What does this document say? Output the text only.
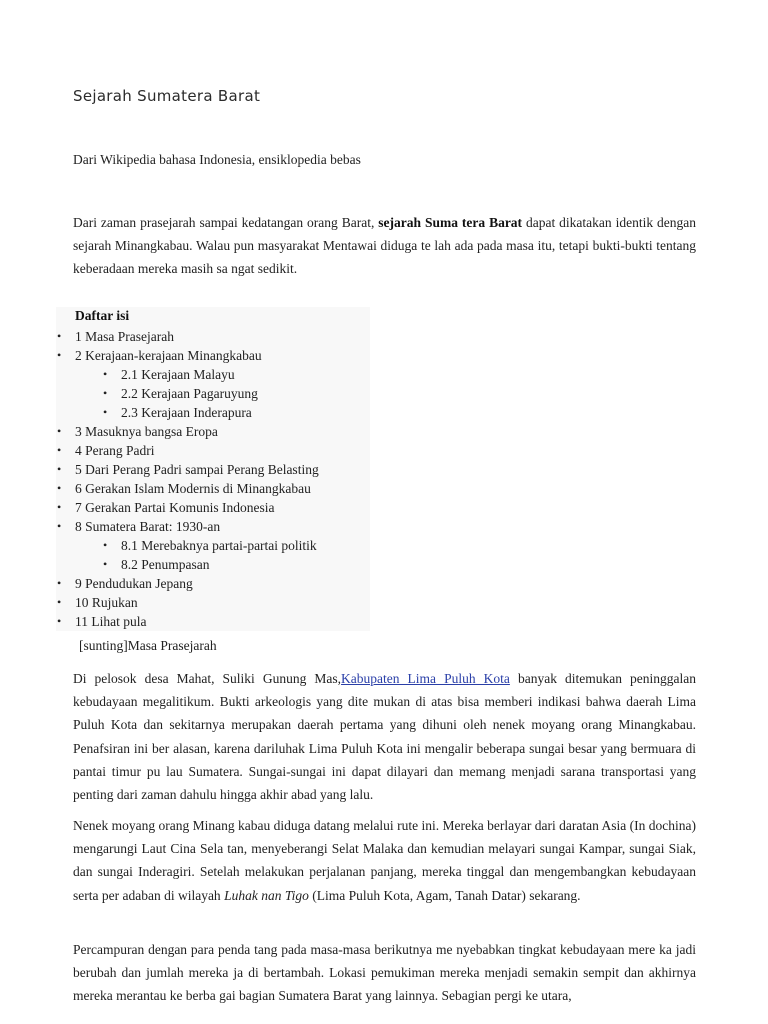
Sejarah Sumatera Barat

Dari Wikipedia bahasa Indonesia, ensiklopedia bebas

Dari zaman prasejarah sampai kedatangan orang Barat, sejarah Suma tera Barat dapat dikatakan identik dengan sejarah Minangkabau. Walau pun masyarakat Mentawai diduga te lah ada pada masa itu, tetapi bukti-bukti tentang keberadaan mereka masih sa ngat sedikit.

Daftar isi
• 1 Masa Prasejarah
• 2 Kerajaan-kerajaan Minangkabau
• 2.1 Kerajaan Malayu
• 2.2 Kerajaan Pagaruyung
• 2.3 Kerajaan Inderapura
• 3 Masuknya bangsa Eropa
• 4 Perang Padri
• 5 Dari Perang Padri sampai Perang Belasting
• 6 Gerakan Islam Modernis di Minangkabau
• 7 Gerakan Partai Komunis Indonesia
• 8 Sumatera Barat: 1930-an
• 8.1 Merebaknya partai-partai politik
• 8.2 Penumpasan
• 9 Pendudukan Jepang
• 10 Rujukan
• 11 Lihat pula
[sunting]Masa Prasejarah

Di pelosok desa Mahat, Suliki Gunung Mas,Kabupaten Lima Puluh Kota banyak ditemukan peninggalan kebudayaan megalitikum. Bukti arkeologis yang dite mukan di atas bisa memberi indikasi bahwa daerah Lima Puluh Kota dan sekitarnya merupakan daerah pertama yang dihuni oleh nenek moyang orang Minangkabau. Penafsiran ini ber alasan, karena dariluhak Lima Puluh Kota ini mengalir beberapa sungai besar yang bermuara di pantai timur pu lau Sumatera. Sungai-sungai ini dapat dilayari dan memang menjadi sarana transportasi yang penting dari zaman dahulu hingga akhir abad yang lalu.

Nenek moyang orang Minang kabau diduga datang melalui rute ini. Mereka berlayar dari daratan Asia (In dochina) mengarungi Laut Cina Sela tan, menyeberangi Selat Malaka dan kemudian melayari sungai Kampar, sungai Siak, dan sungai Inderagiri. Setelah melakukan perjalanan panjang, mereka tinggal dan mengembangkan kebudayaan serta per adaban di wilayah Luhak nan Tigo (Lima Puluh Kota, Agam, Tanah Datar) sekarang.

Percampuran dengan para penda tang pada masa-masa berikutnya me nyebabkan tingkat kebudayaan mere ka jadi berubah dan jumlah mereka ja di bertambah. Lokasi pemukiman mereka menjadi semakin sempit dan akhirnya mereka merantau ke berba gai bagian Sumatera Barat yang lainnya. Sebagian pergi ke utara,
